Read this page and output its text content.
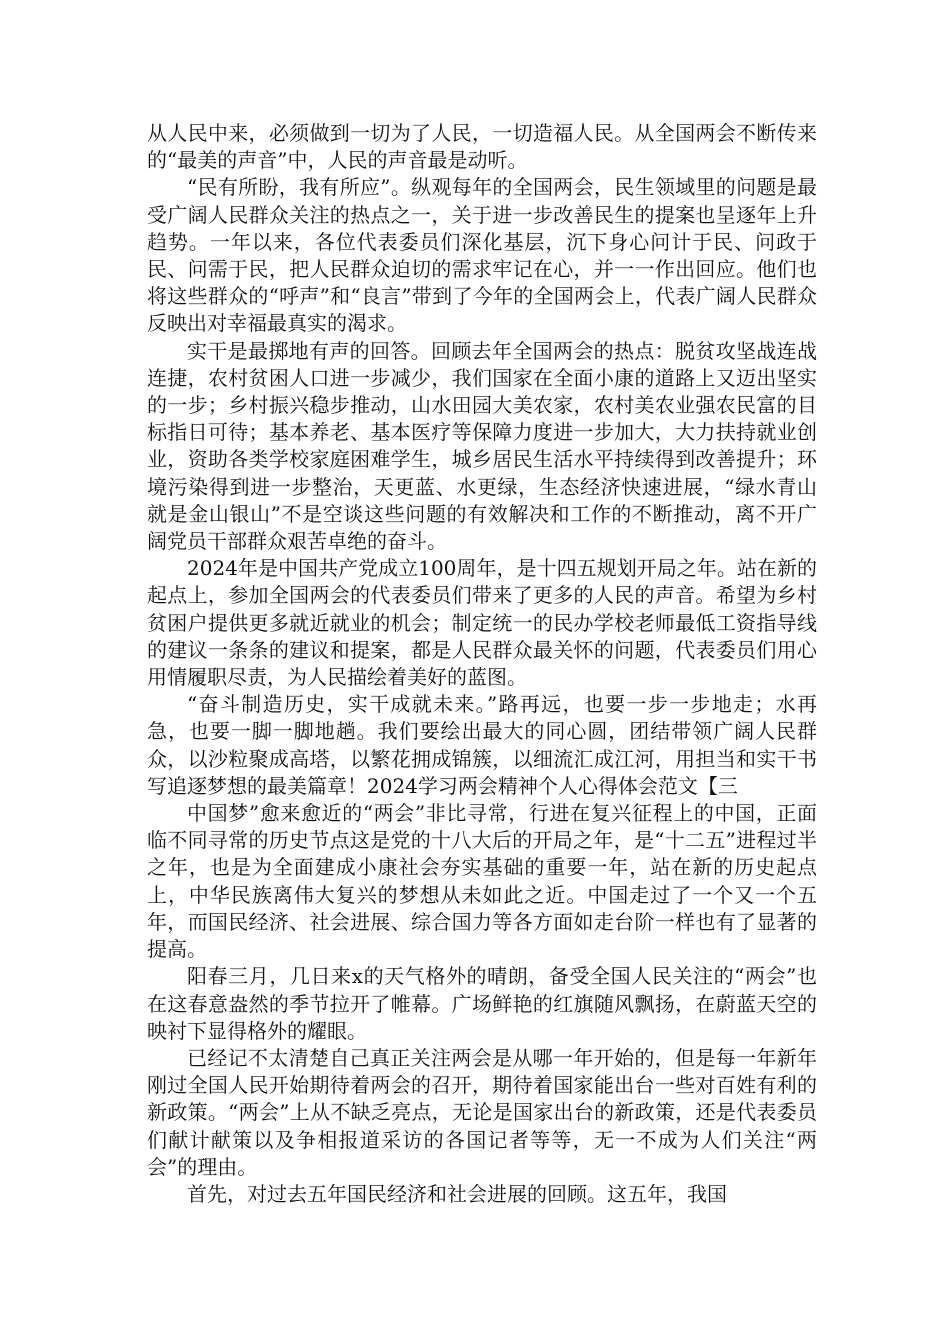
从人民中来，必须做到一切为了人民，一切造福人民。从全国两会不断传来的“最美的声音”中，人民的声音最是动听。

“民有所盼，我有所应”。纵观每年的全国两会，民生领域里的问题是最受广阔人民群众关注的热点之一，关于进一步改善民生的提案也呈逐年上升趋势。一年以来，各位代表委员们深化基层，沉下身心问计于民、问政于民、问需于民，把人民群众迫切的需求牢记在心，并一一作出回应。他们也将这些群众的“呼声”和“良言”带到了今年的全国两会上，代表广阔人民群众反映出对幸福最真实的渴求。

实干是最掷地有声的回答。回顾去年全国两会的热点：脱贫攻坚战连战连捷，农村贫困人口进一步减少，我们国家在全面小康的道路上又迈出坚实的一步；乡村振兴稳步推动，山水田园大美农家，农村美农业强农民富的目标指日可待；基本养老、基本医疗等保障力度进一步加大，大力扶持就业创业，资助各类学校家庭困难学生，城乡居民生活水平持续得到改善提升；环境污染得到进一步整治，天更蓝、水更绿，生态经济快速进展，“绿水青山就是金山银山”不是空谈这些问题的有效解决和工作的不断推动，离不开广阔党员干部群众艰苦卓绝的奋斗。

2024年是中国共产党成立100周年，是十四五规划开局之年。站在新的起点上，参加全国两会的代表委员们带来了更多的人民的声音。希望为乡村贫困户提供更多就近就业的机会；制定统一的民办学校老师最低工资指导线的建议一条条的建议和提案，都是人民群众最关怀的问题，代表委员们用心用情履职尽责，为人民描绘着美好的蓝图。

“奋斗制造历史，实干成就未来。”路再远，也要一步一步地走；水再急，也要一脚一脚地趟。我们要绘出最大的同心圆，团结带领广阔人民群众，以沙粒聚成高塔，以繁花拥成锦簇，以细流汇成江河，用担当和实干书写追逐梦想的最美篇章！2024学习两会精神个人心得体会范文【三

中国梦”愈来愈近的“两会”非比寻常，行进在复兴征程上的中国，正面临不同寻常的历史节点这是党的十八大后的开局之年，是“十二五”进程过半之年，也是为全面建成小康社会夯实基础的重要一年，站在新的历史起点上，中华民族离伟大复兴的梦想从未如此之近。中国走过了一个又一个五年，而国民经济、社会进展、综合国力等各方面如走台阶一样也有了显著的提高。

阳春三月，几日来x的天气格外的晴朗，备受全国人民关注的“两会”也在这春意盎然的季节拉开了帷幕。广场鲜艳的红旗随风飘扬，在蔚蓝天空的映衬下显得格外的耀眼。

已经记不太清楚自己真正关注两会是从哪一年开始的，但是每一年新年刚过全国人民开始期待着两会的召开，期待着国家能出台一些对百姓有利的新政策。“两会”上从不缺乏亮点，无论是国家出台的新政策，还是代表委员们献计献策以及争相报道采访的各国记者等等，无一不成为人们关注“两会”的理由。

首先，对过去五年国民经济和社会进展的回顾。这五年，我国
